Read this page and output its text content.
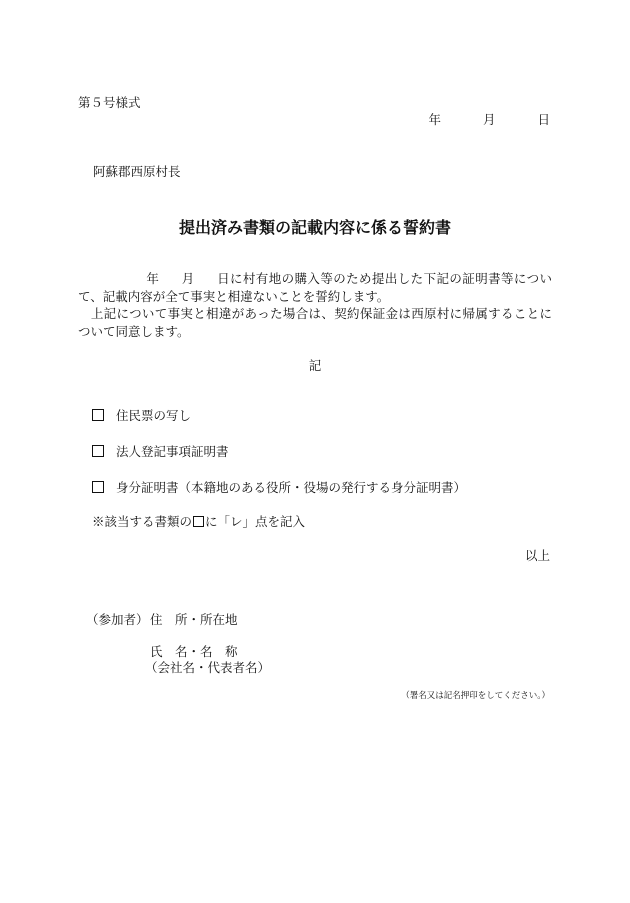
第５号様式
年	月	日
阿蘇郡西原村長
提出済み書類の記載内容に係る誓約書

年 月 日に村有地の購入等のため提出した下記の証明書等について、記載内容が全て事実と相違ないことを誓約します。

　上記について事実と相違があった場合は、契約保証金は西原村に帰属することについて同意します。

記
住民票の写し
法人登記事項証明書
身分証明書（本籍地のある役所・役場の発行する身分証明書）
※該当する書類の に「レ」点を記入
以上
（参加者） 住　所・所在地
氏　名・名　称
（会社名・代表者名）
（署名又は記名押印をしてください。）
